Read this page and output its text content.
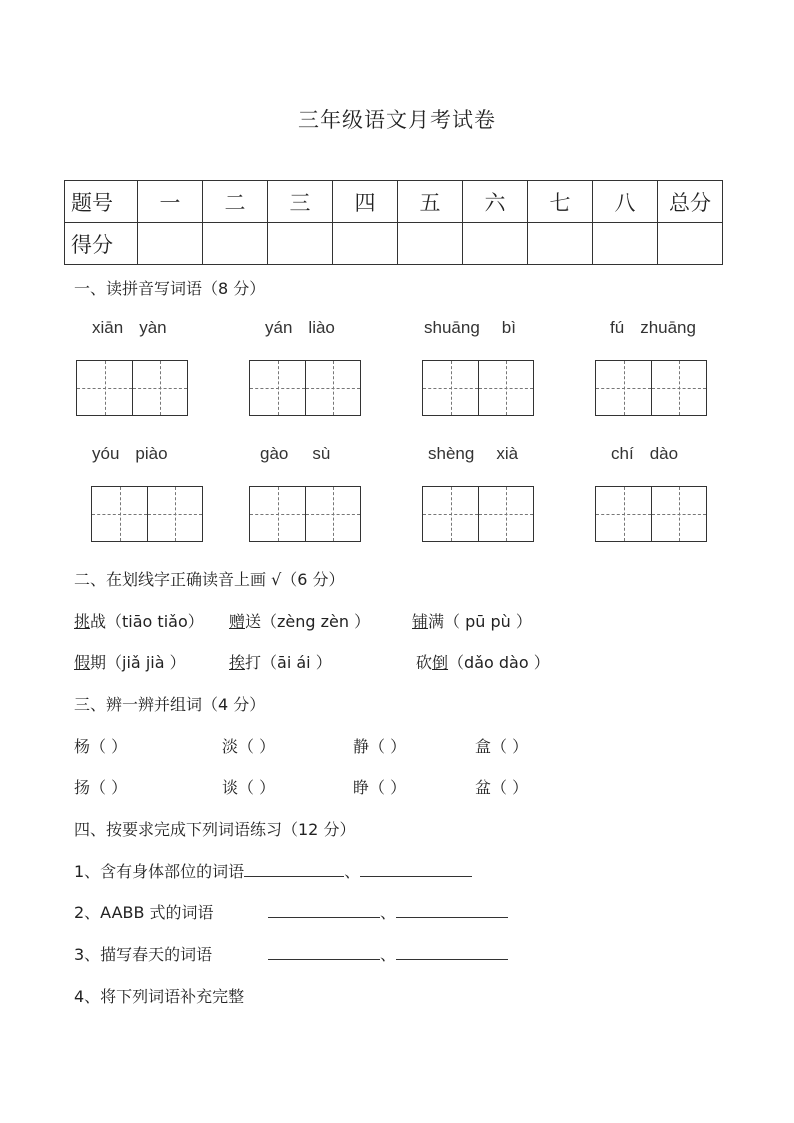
三年级语文月考试卷
题号	一	二	三	四	五	六	七	八	总分
得分									
一、读拼音写词语（8 分）
xiān yàn	yán liào	shuāng bì	fú zhuāng
yóu piào	gào sù	shèng xià	chí dào
二、在划线字正确读音上画 √（6 分）
挑战（tiāo tiǎo） 赠送（zèng zèn ）	铺满（ pū pù ）
假期（jiǎ jià ）	挨打（āi ái ）	砍倒（dǎo dào ）
三、辨一辨并组词（4 分）
杨（ ）	淡（ ）	静（ ）	盒（ ）
扬（ ）	谈（ ）	睁（ ）	盆（ ）
四、按要求完成下列词语练习（12 分）
1、含有身体部位的词语	、
2、AABB 式的词语	、
3、描写春天的词语	、
4、将下列词语补充完整
